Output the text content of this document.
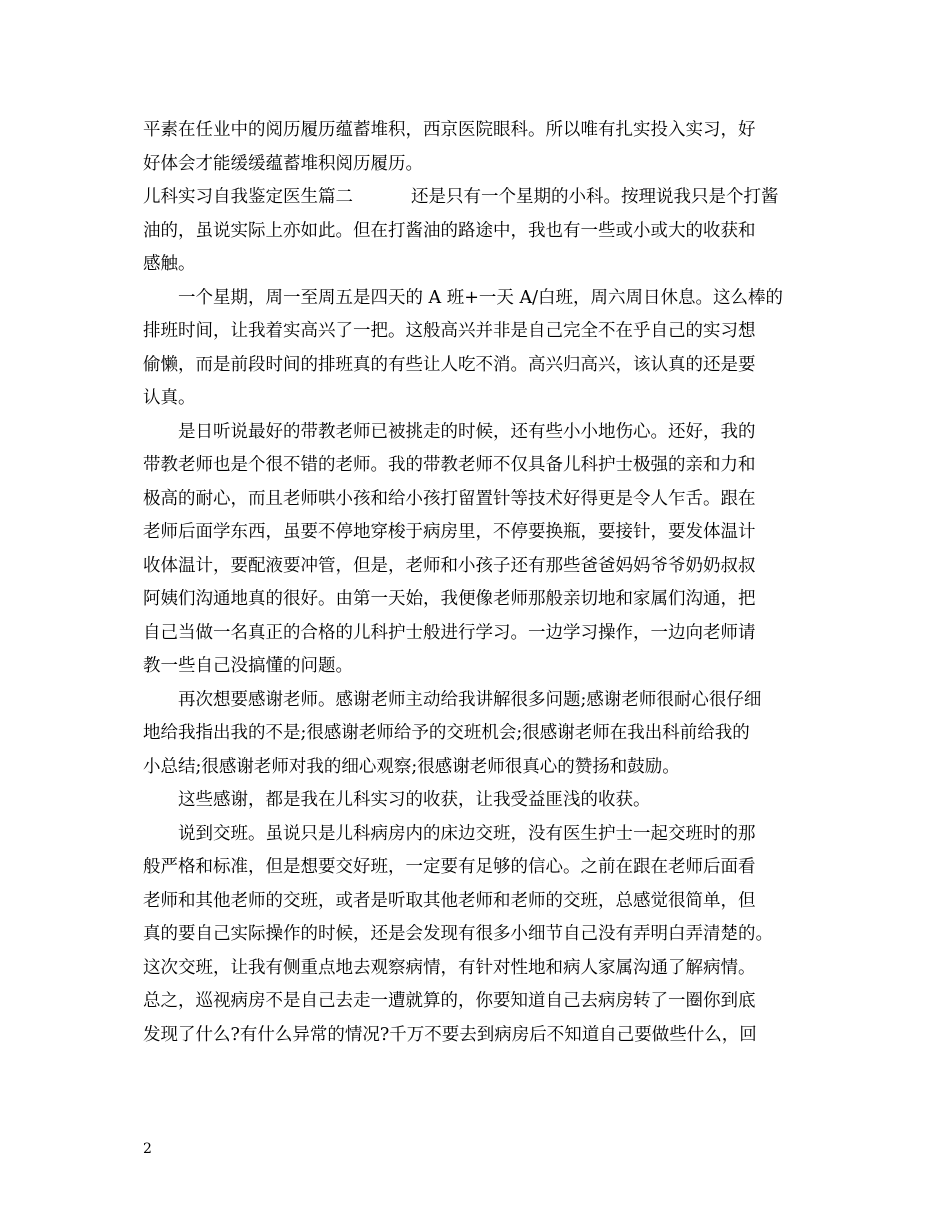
平素在任业中的阅历履历蕴蓄堆积，西京医院眼科。所以唯有扎实投入实习，好
好体会才能缓缓蕴蓄堆积阅历履历。
儿科实习自我鉴定医生篇二	还是只有一个星期的小科。按理说我只是个打酱
油的，虽说实际上亦如此。但在打酱油的路途中，我也有一些或小或大的收获和
感触。
一个星期，周一至周五是四天的 A 班+一天 A/白班，周六周日休息。这么棒的
排班时间，让我着实高兴了一把。这般高兴并非是自己完全不在乎自己的实习想
偷懒，而是前段时间的排班真的有些让人吃不消。高兴归高兴，该认真的还是要
认真。
是日听说最好的带教老师已被挑走的时候，还有些小小地伤心。还好，我的
带教老师也是个很不错的老师。我的带教老师不仅具备儿科护士极强的亲和力和
极高的耐心，而且老师哄小孩和给小孩打留置针等技术好得更是令人乍舌。跟在
老师后面学东西，虽要不停地穿梭于病房里，不停要换瓶，要接针，要发体温计
收体温计，要配液要冲管，但是，老师和小孩子还有那些爸爸妈妈爷爷奶奶叔叔
阿姨们沟通地真的很好。由第一天始，我便像老师那般亲切地和家属们沟通，把
自己当做一名真正的合格的儿科护士般进行学习。一边学习操作，一边向老师请
教一些自己没搞懂的问题。
再次想要感谢老师。感谢老师主动给我讲解很多问题;感谢老师很耐心很仔细
地给我指出我的不是;很感谢老师给予的交班机会;很感谢老师在我出科前给我的
小总结;很感谢老师对我的细心观察;很感谢老师很真心的赞扬和鼓励。
这些感谢，都是我在儿科实习的收获，让我受益匪浅的收获。
说到交班。虽说只是儿科病房内的床边交班，没有医生护士一起交班时的那
般严格和标准，但是想要交好班，一定要有足够的信心。之前在跟在老师后面看
老师和其他老师的交班，或者是听取其他老师和老师的交班，总感觉很简单，但
真的要自己实际操作的时候，还是会发现有很多小细节自己没有弄明白弄清楚的。
这次交班，让我有侧重点地去观察病情，有针对性地和病人家属沟通了解病情。
总之，巡视病房不是自己去走一遭就算的，你要知道自己去病房转了一圈你到底
发现了什么?有什么异常的情况?千万不要去到病房后不知道自己要做些什么，回
2
